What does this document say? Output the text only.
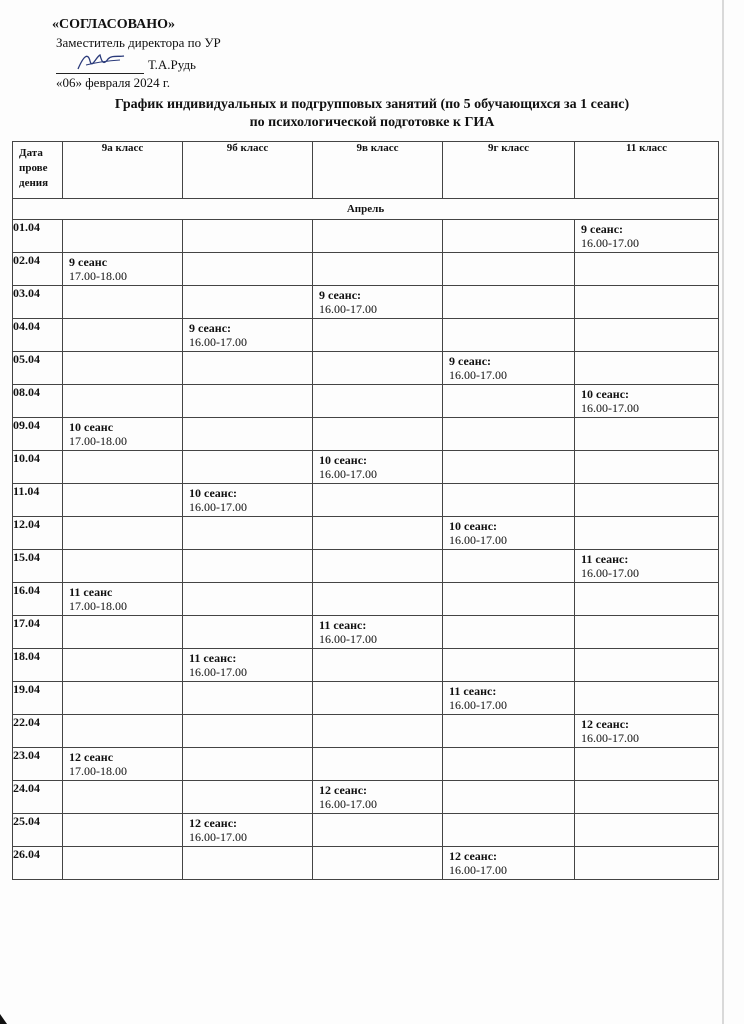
«СОГЛАСОВАНО»
Заместитель директора по УР
Т.А.Рудь
«06» февраля 2024 г.
График индивидуальных и подгрупповых занятий (по 5 обучающихся за 1 сеанс)
по психологической подготовке к ГИА
Дата
прове
дения	9а класс	9б класс	9в класс	9г класс	11 класс
Апрель					
01.04					9 сеанс:
16.00-17.00

02.04	9 сеанс
17.00-18.00				

03.04			9 сеанс:
16.00-17.00		

04.04		9 сеанс:
16.00-17.00			

05.04				9 сеанс:
16.00-17.00	

08.04					10 сеанс:
16.00-17.00

09.04	10 сеанс
17.00-18.00				

10.04			10 сеанс:
16.00-17.00		

11.04		10 сеанс:
16.00-17.00			

12.04				10 сеанс:
16.00-17.00	

15.04					11 сеанс:
16.00-17.00

16.04	11 сеанс
17.00-18.00				

17.04			11 сеанс:
16.00-17.00		

18.04		11 сеанс:
16.00-17.00			

19.04				11 сеанс:
16.00-17.00	

22.04					12 сеанс:
16.00-17.00

23.04	12 сеанс
17.00-18.00				

24.04			12 сеанс:
16.00-17.00		

25.04		12 сеанс:
16.00-17.00			

26.04				12 сеанс:
16.00-17.00	
